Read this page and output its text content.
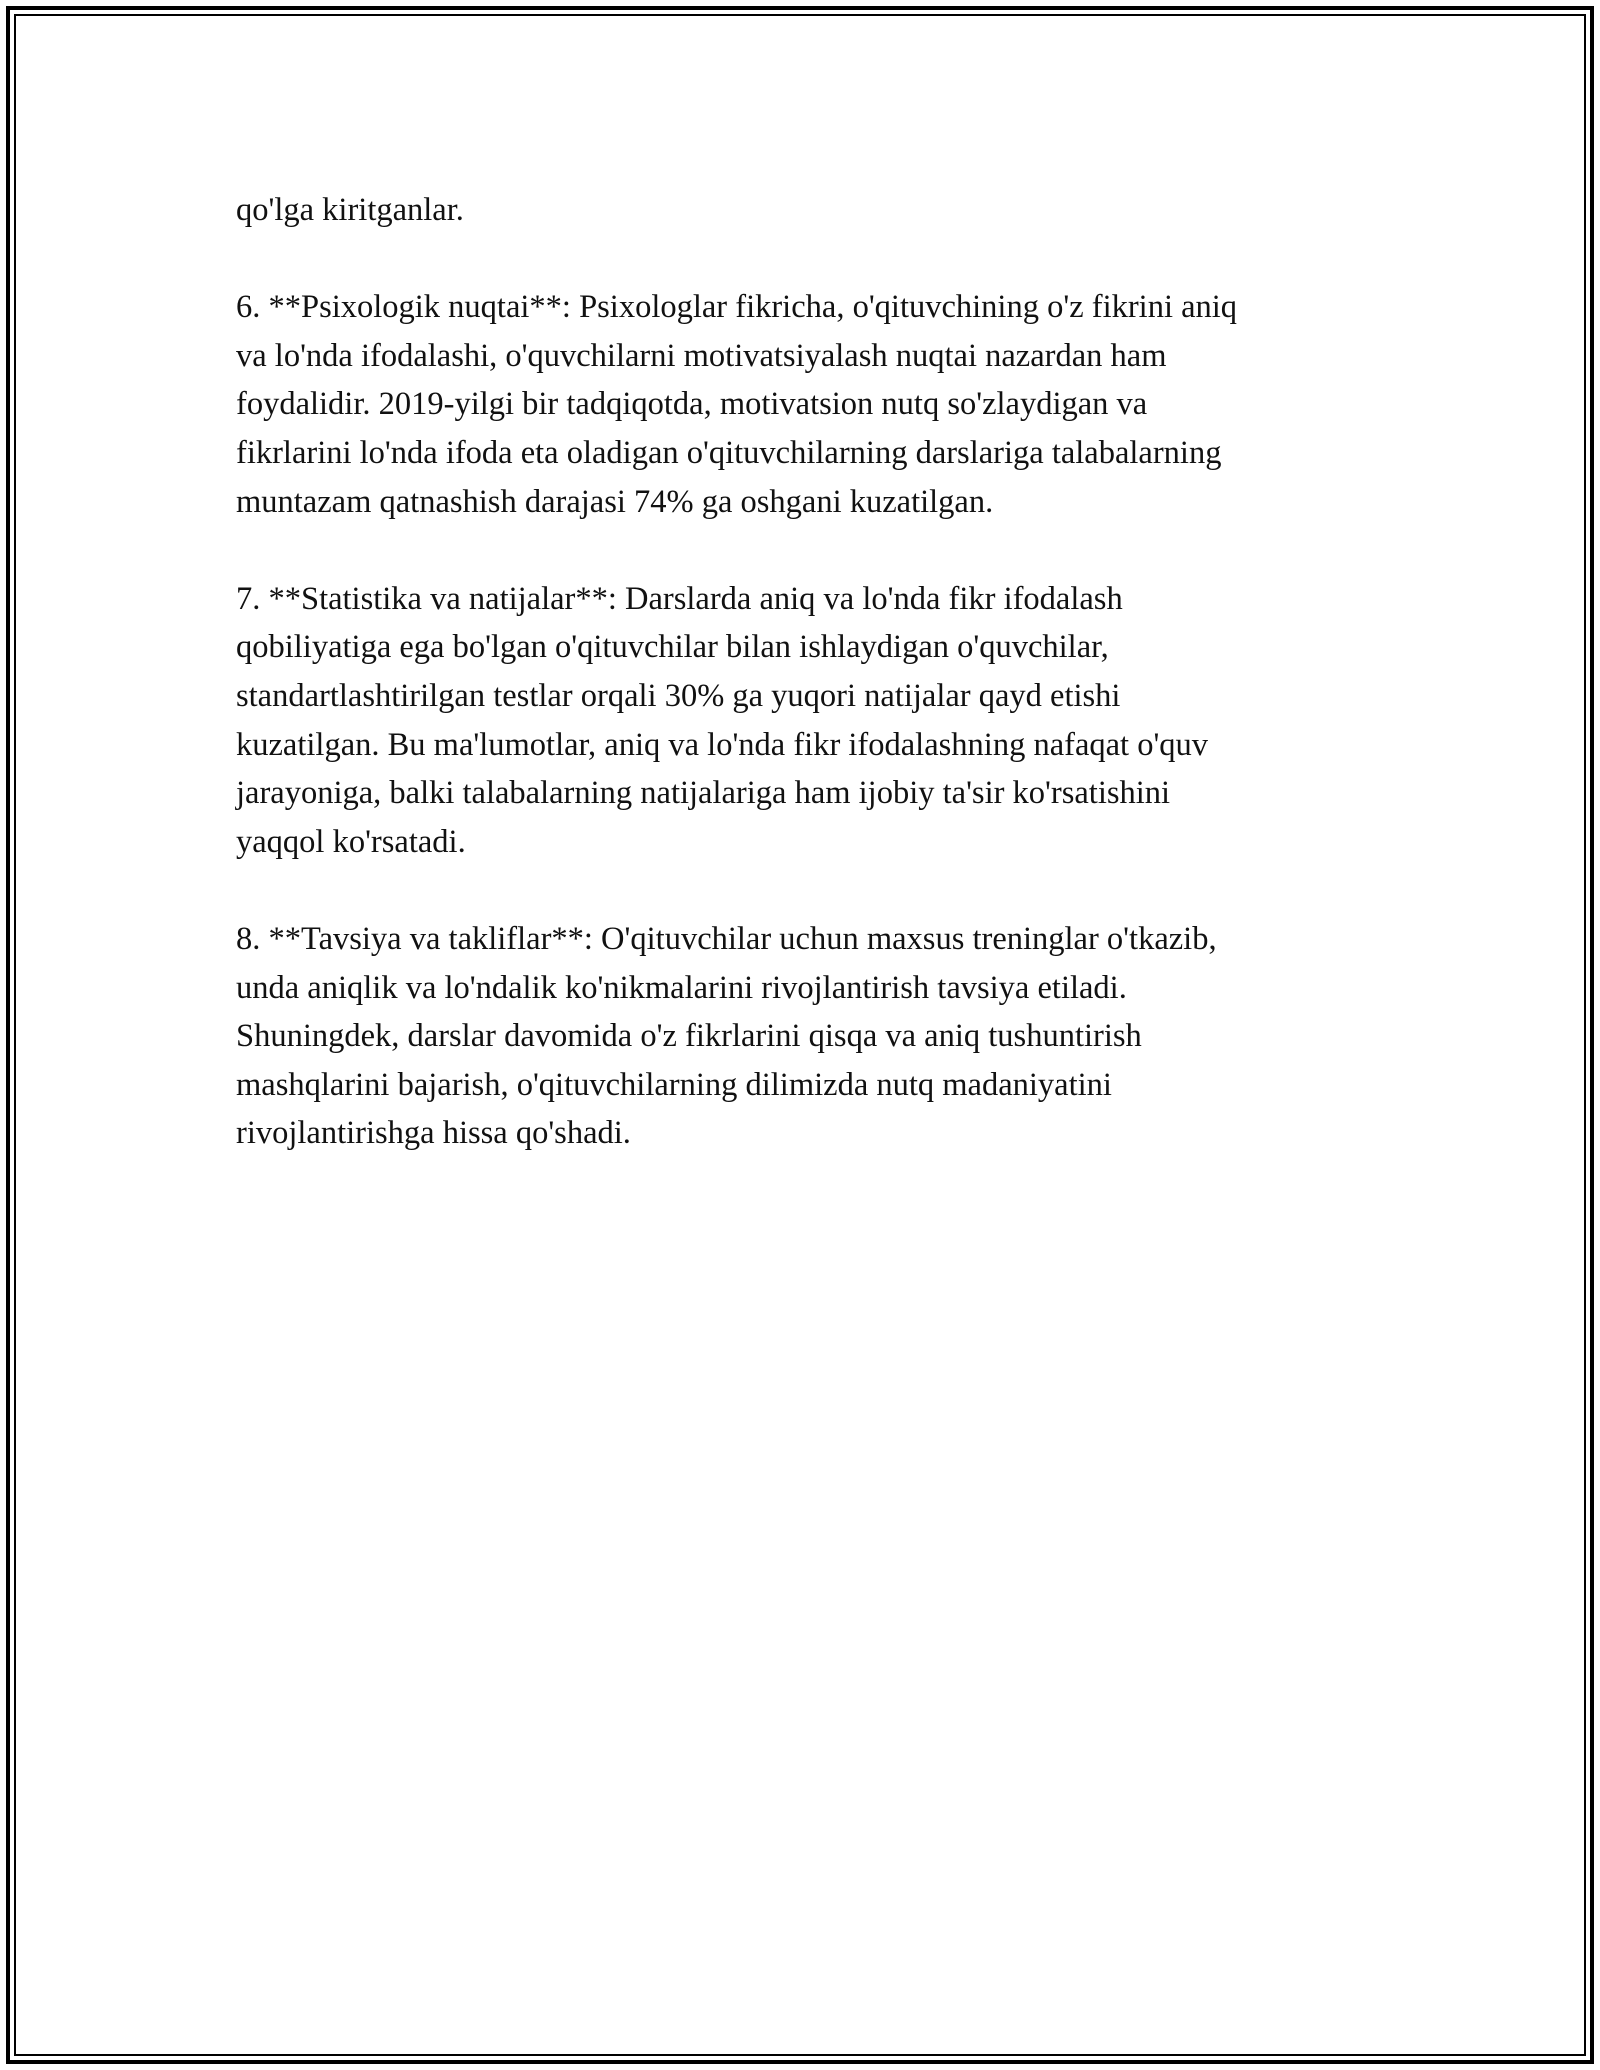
qo'lga kiritganlar.

6. **Psixologik nuqtai**: Psixologlar fikricha, o'qituvchining o'z fikrini aniq
va lo'nda ifodalashi, o'quvchilarni motivatsiyalash nuqtai nazardan ham
foydalidir. 2019-yilgi bir tadqiqotda, motivatsion nutq so'zlaydigan va
fikrlarini lo'nda ifoda eta oladigan o'qituvchilarning darslariga talabalarning
muntazam qatnashish darajasi 74% ga oshgani kuzatilgan.

7. **Statistika va natijalar**: Darslarda aniq va lo'nda fikr ifodalash
qobiliyatiga ega bo'lgan o'qituvchilar bilan ishlaydigan o'quvchilar,
standartlashtirilgan testlar orqali 30% ga yuqori natijalar qayd etishi
kuzatilgan. Bu ma'lumotlar, aniq va lo'nda fikr ifodalashning nafaqat o'quv
jarayoniga, balki talabalarning natijalariga ham ijobiy ta'sir ko'rsatishini
yaqqol ko'rsatadi.

8. **Tavsiya va takliflar**: O'qituvchilar uchun maxsus treninglar o'tkazib,
unda aniqlik va lo'ndalik ko'nikmalarini rivojlantirish tavsiya etiladi.
Shuningdek, darslar davomida o'z fikrlarini qisqa va aniq tushuntirish
mashqlarini bajarish, o'qituvchilarning dilimizda nutq madaniyatini
rivojlantirishga hissa qo'shadi.
